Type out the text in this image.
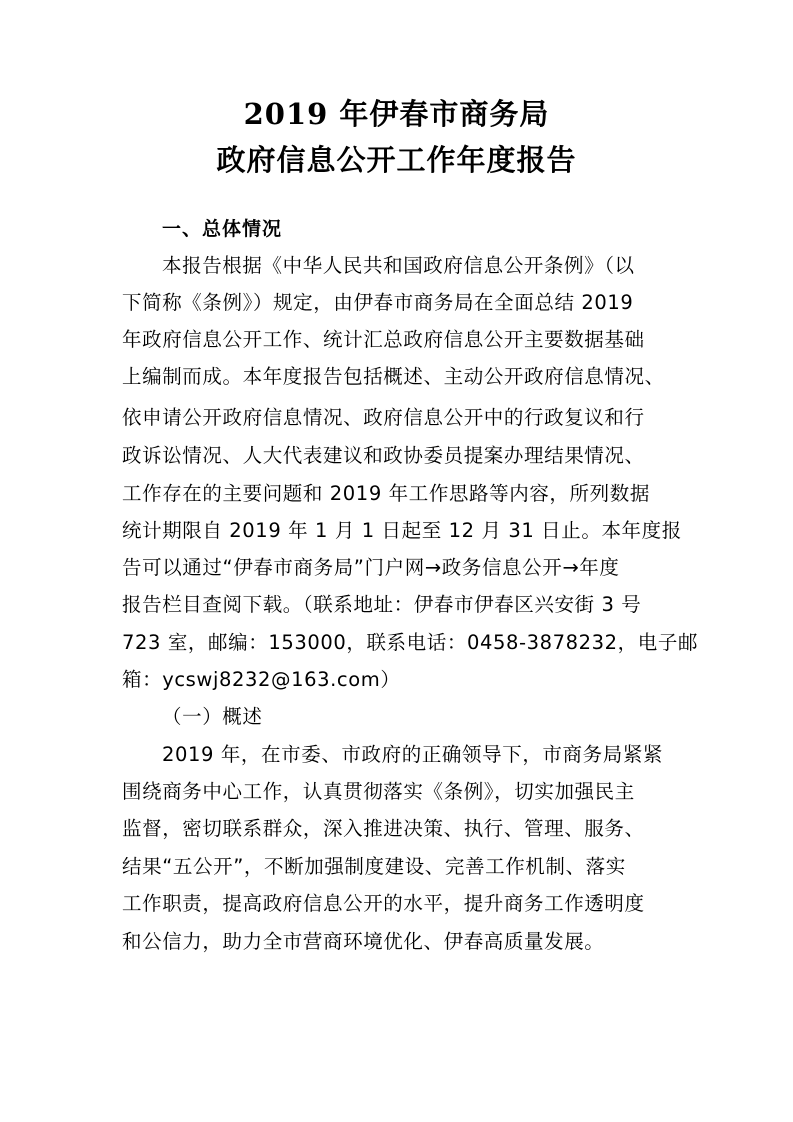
2019 年伊春市商务局
政府信息公开工作年度报告
一、总体情况
本报告根据《中华人民共和国政府信息公开条例》（以
下简称《条例》）规定，由伊春市商务局在全面总结 2019
年政府信息公开工作、统计汇总政府信息公开主要数据基础
上编制而成。本年度报告包括概述、主动公开政府信息情况、
依申请公开政府信息情况、政府信息公开中的行政复议和行
政诉讼情况、人大代表建议和政协委员提案办理结果情况、
工作存在的主要问题和 2019 年工作思路等内容，所列数据
统计期限自 2019 年 1 月 1 日起至 12 月 31 日止。本年度报
告可以通过“伊春市商务局”门户网→政务信息公开→年度
报告栏目查阅下载。（联系地址：伊春市伊春区兴安街 3 号
723 室，邮编：153000，联系电话：0458-3878232，电子邮
箱：ycswj8232@163.com）
（一）概述
2019 年，在市委、市政府的正确领导下，市商务局紧紧
围绕商务中心工作，认真贯彻落实《条例》，切实加强民主
监督，密切联系群众，深入推进决策、执行、管理、服务、
结果“五公开”，不断加强制度建设、完善工作机制、落实
工作职责，提高政府信息公开的水平，提升商务工作透明度
和公信力，助力全市营商环境优化、伊春高质量发展。
